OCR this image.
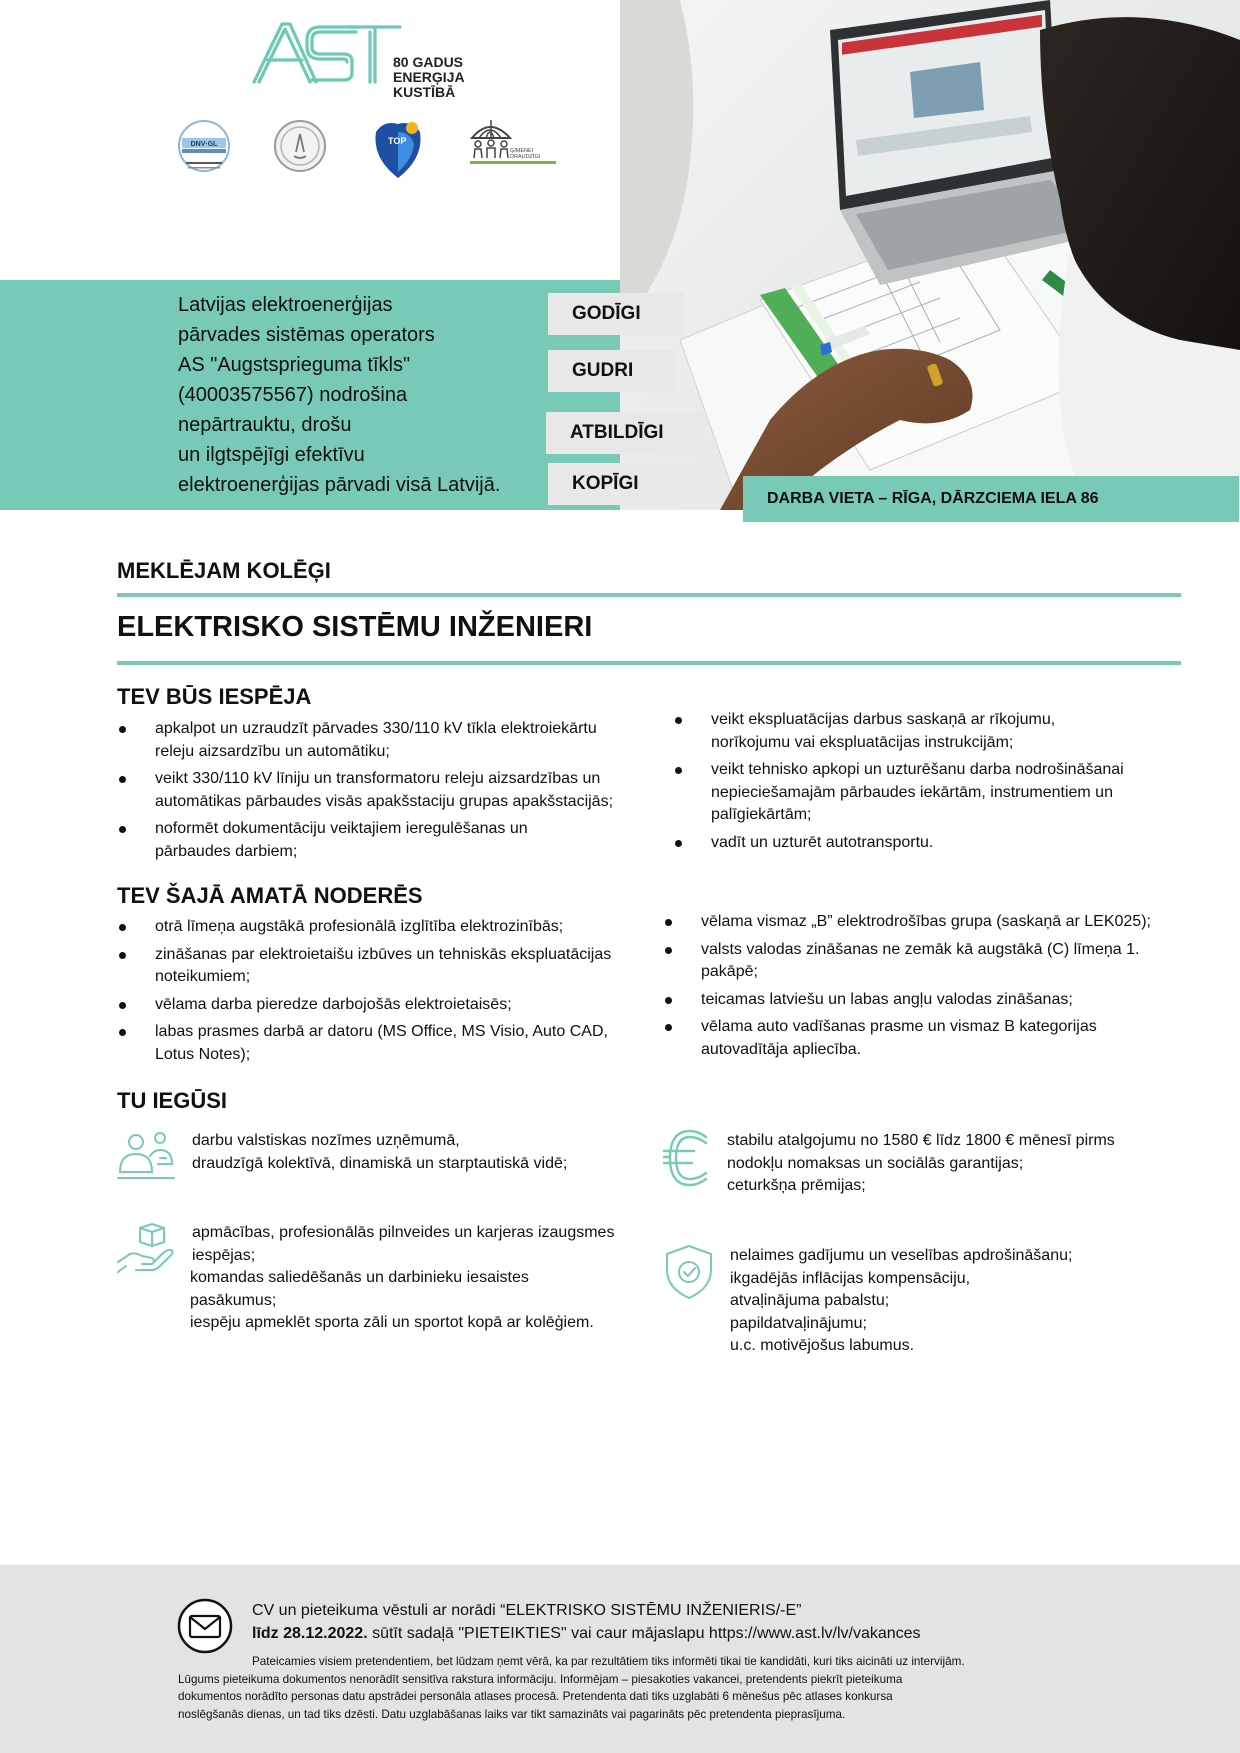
80 GADUS
ENERĢIJA
KUSTĪBĀ
DNV·GL	TOP
ĢIMENEI
DRAUDZĪGI
Latvijas elektroenerģijas
pārvades sistēmas operators
AS "Augstsprieguma tīkls"
(40003575567) nodrošina
nepārtrauktu, drošu
un ilgtspējīgi efektīvu
elektroenerģijas pārvadi visā Latvijā.
GODĪGI
GUDRI
ATBILDĪGI
KOPĪGI
DARBA VIETA – RĪGA, DĀRZCIEMA IELA 86
MEKLĒJAM KOLĒĢI
ELEKTRISKO SISTĒMU INŽENIERI
TEV BŪS IESPĒJA
apkalpot un uzraudzīt pārvades 330/110 kV tīkla elektroiekārtu
releju aizsardzību un automātiku;
veikt 330/110 kV līniju un transformatoru releju aizsardzības un
automātikas pārbaudes visās apakšstaciju grupas apakšstacijās;
noformēt dokumentāciju veiktajiem ieregulēšanas un
pārbaudes darbiem;
veikt ekspluatācijas darbus saskaņā ar rīkojumu,
norīkojumu vai ekspluatācijas instrukcijām;
veikt tehnisko apkopi un uzturēšanu darba nodrošināšanai
nepieciešamajām pārbaudes iekārtām, instrumentiem un
palīgiekārtām;
vadīt un uzturēt autotransportu.
TEV ŠAJĀ AMATĀ NODERĒS
otrā līmeņa augstākā profesionālā izglītība elektrozinībās;
zināšanas par elektroietaišu izbūves un tehniskās ekspluatācijas
noteikumiem;
vēlama darba pieredze darbojošās elektroietaisēs;
labas prasmes darbā ar datoru (MS Office, MS Visio, Auto CAD,
Lotus Notes);
vēlama vismaz „B” elektrodrošības grupa (saskaņā ar LEK025);
valsts valodas zināšanas ne zemāk kā augstākā (C) līmeņa 1.
pakāpē;
teicamas latviešu un labas angļu valodas zināšanas;
vēlama auto vadīšanas prasme un vismaz B kategorijas
autovadītāja apliecība.
TU IEGŪSI
darbu valstiskas nozīmes uzņēmumā,
draudzīgā kolektīvā, dinamiskā un starptautiskā vidē;
apmācības, profesionālās pilnveides un karjeras izaugsmes
iespējas;
komandas saliedēšanās un darbinieku iesaistes
pasākumus;
iespēju apmeklēt sporta zāli un sportot kopā ar kolēģiem.
stabilu atalgojumu no 1580 € līdz 1800 € mēnesī pirms
nodokļu nomaksas un sociālās garantijas;
ceturkšņa prēmijas;
nelaimes gadījumu un veselības apdrošināšanu;
ikgadējās inflācijas kompensāciju,
atvaļinājuma pabalstu;
papildatvaļinājumu;
u.c. motivējošus labumus.
CV un pieteikuma vēstuli ar norādi “ELEKTRISKO SISTĒMU INŽENIERIS/-E”
līdz 28.12.2022. sūtīt sadaļā "PIETEIKTIES" vai caur mājaslapu https://www.ast.lv/lv/vakances
Pateicamies visiem pretendentiem, bet lūdzam ņemt vērā, ka par rezultātiem tiks informēti tikai tie kandidāti, kuri tiks aicināti uz intervijām.
Lūgums pieteikuma dokumentos nenorādīt sensitīva rakstura informāciju. Informējam – piesakoties vakancei, pretendents piekrīt pieteikuma
dokumentos norādīto personas datu apstrādei personāla atlases procesā. Pretendenta dati tiks uzglabāti 6 mēnešus pēc atlases konkursa
noslēgšanās dienas, un tad tiks dzēsti. Datu uzglabāšanas laiks var tikt samazināts vai pagarināts pēc pretendenta pieprasījuma.
